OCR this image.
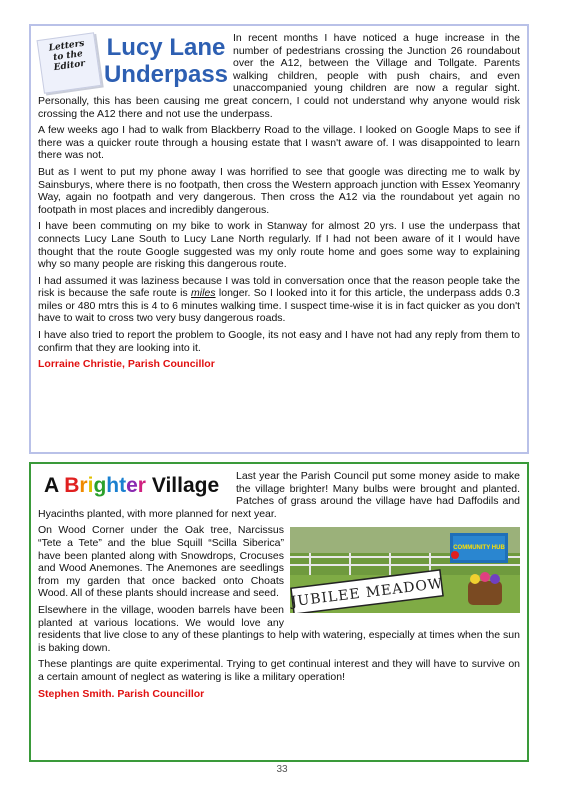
Letters to the Editor
Lucy Lane
Underpass

In recent months I have noticed a huge increase in the number of pedestrians crossing the Junction 26 roundabout over the A12, between the Village and Tollgate. Parents walking children, people with push chairs, and even unaccompanied young children are now a regular sight. Personally, this has been causing me great concern, I could not understand why anyone would risk crossing the A12 there and not use the underpass.

A few weeks ago I had to walk from Blackberry Road to the village. I looked on Google Maps to see if there was a quicker route through a housing estate that I wasn't aware of. I was disappointed to learn there was not.

But as I went to put my phone away I was horrified to see that google was directing me to walk by Sainsburys, where there is no footpath, then cross the Western approach junction with Essex Yeomanry Way, again no footpath and very dangerous. Then cross the A12 via the roundabout yet again no footpath in most places and incredibly dangerous.

I have been commuting on my bike to work in Stanway for almost 20 yrs. I use the underpass that connects Lucy Lane South to Lucy Lane North regularly. If I had not been aware of it I would have thought that the route Google suggested was my only route home and goes some way to explaining why so many people are risking this dangerous route.

I had assumed it was laziness because I was told in conversation once that the reason people take the risk is because the safe route is miles longer. So I looked into it for this article, the underpass adds 0.3 miles or 480 mtrs this is 4 to 6 minutes walking time. I suspect time-wise it is in fact quicker as you don't have to wait to cross two very busy dangerous roads.

I have also tried to report the problem to Google, its not easy and I have not had any reply from them to confirm that they are looking into it.

Lorraine Christie, Parish Councillor
A Brighter Village	Last year the Parish Council put some money aside to make the village brighter! Many bulbs were brought and planted. Patches of grass around the village have had Daffodils and Hyacinths planted, with more planned for next year.

COMMUNITY HUB
JUBILEE MEADOW

On Wood Corner under the Oak tree, Narcissus “Tete a Tete” and the blue Squill “Scilla Siberica” have been planted along with Snowdrops, Crocuses and Wood Anemones. The Anemones are seedlings from my garden that once backed onto Choats Wood. All of these plants should increase and seed.

Elsewhere in the village, wooden barrels have been planted at various locations. We would love any residents that live close to any of these plantings to help with watering, especially at times when the sun is baking down.

These plantings are quite experimental. Trying to get continual interest and they will have to survive on a certain amount of neglect as watering is like a military operation!

Stephen Smith. Parish Councillor
33
